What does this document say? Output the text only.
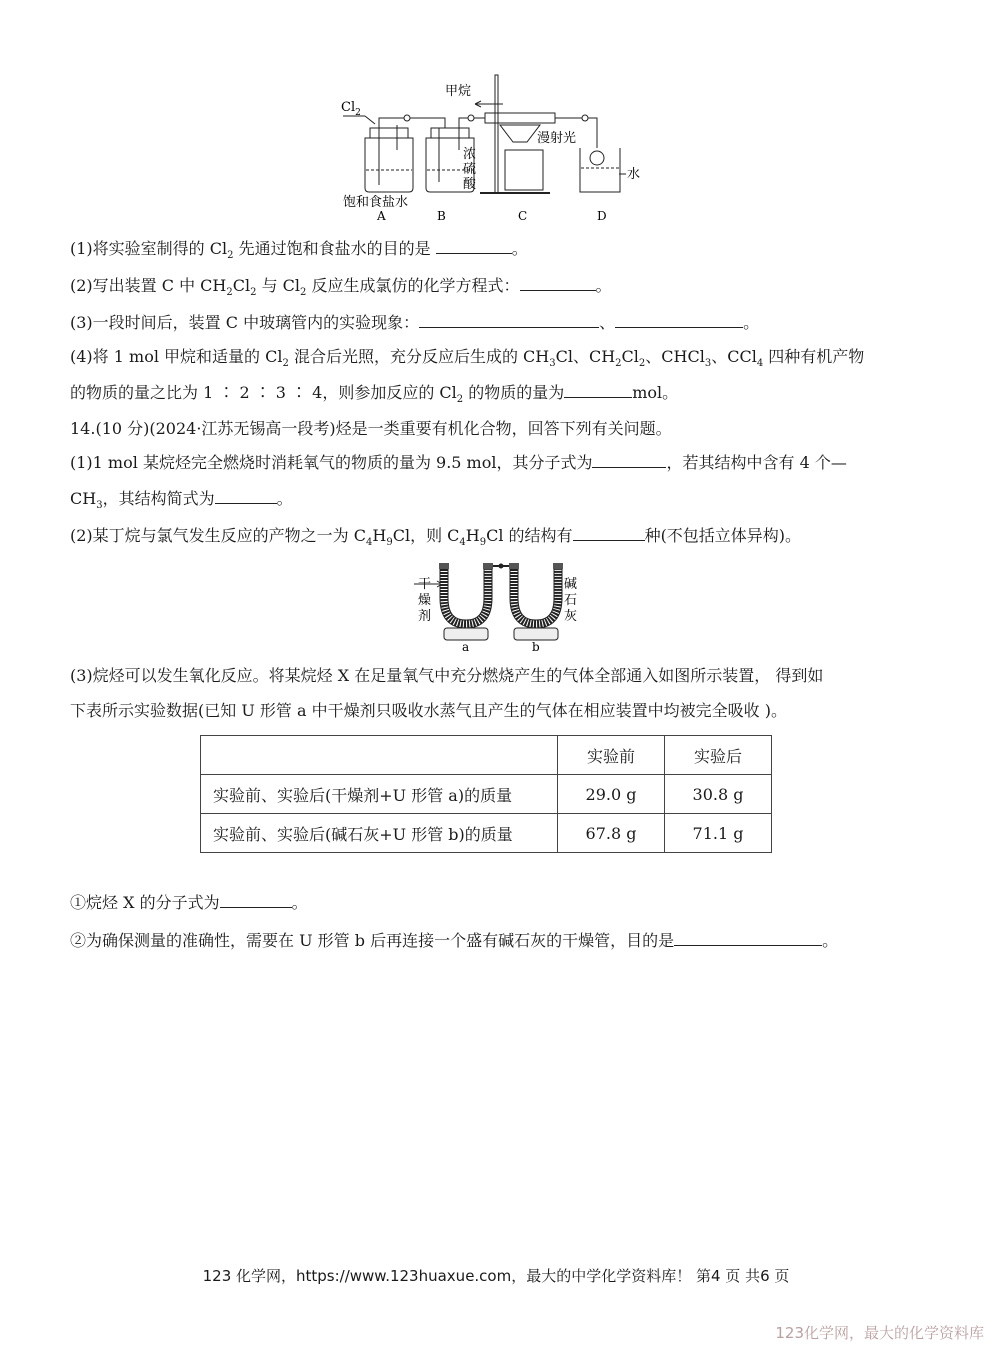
$Cl_2$
浓
硫
酸
甲烷
漫射光
水
饱和食盐水
A	B	C	D
(1)将实验室制得的 $Cl_2$ 先通过饱和食盐水的目的是	。
(2)写出装置 C 中 $CH_2Cl_2$ 与 $Cl_2$ 反应生成氯仿的化学方程式：	。
(3)一段时间后，装置 C 中玻璃管内的实验现象：	、	。
(4)将 1 mol 甲烷和适量的 $Cl_2$ 混合后光照，充分反应后生成的 $CH_3Cl$、$CH_2Cl_2$、CHCl$_3$、CCl$_4$ 四种有机产物
的物质的量之比为 1 ∶ 2 ∶ 3 ∶ 4，则参加反应的 $Cl_2$ 的物质的量为	mol。
14.(10 分)(2024·江苏无锡高一段考)烃是一类重要有机化合物，回答下列有关问题。
(1)1 mol 某烷烃完全燃烧时消耗氧气的物质的量为 9.5 mol，其分子式为	，若其结构中含有 4 个—
$CH_3$，其结构简式为	。
(2)某丁烷与氯气发生反应的产物之一为 $C_4H_9Cl$，则 $C_4H_9Cl$ 的结构有	种(不包括立体异构)。
干
燥
剂
碱
石
灰
a	b
(3)烷烃可以发生氧化反应。将某烷烃 X 在足量氧气中充分燃烧产生的气体全部通入如图所示装置， 得到如
下表所示实验数据(已知 U 形管 a 中干燥剂只吸收水蒸气且产生的气体在相应装置中均被完全吸收 )。
	实验前	实验后
实验前、实验后(干燥剂+U 形管 a)的质量	29.0 g	30.8 g
实验前、实验后(碱石灰+U 形管 b)的质量	67.8 g	71.1 g
①烷烃 X 的分子式为	。
②为确保测量的准确性，需要在 U 形管 b 后再连接一个盛有碱石灰的干燥管，目的是	。
123 化学网，https://www.123huaxue.com，最大的中学化学资料库！ 第4 页 共6 页
123化学网，最大的化学资料库
